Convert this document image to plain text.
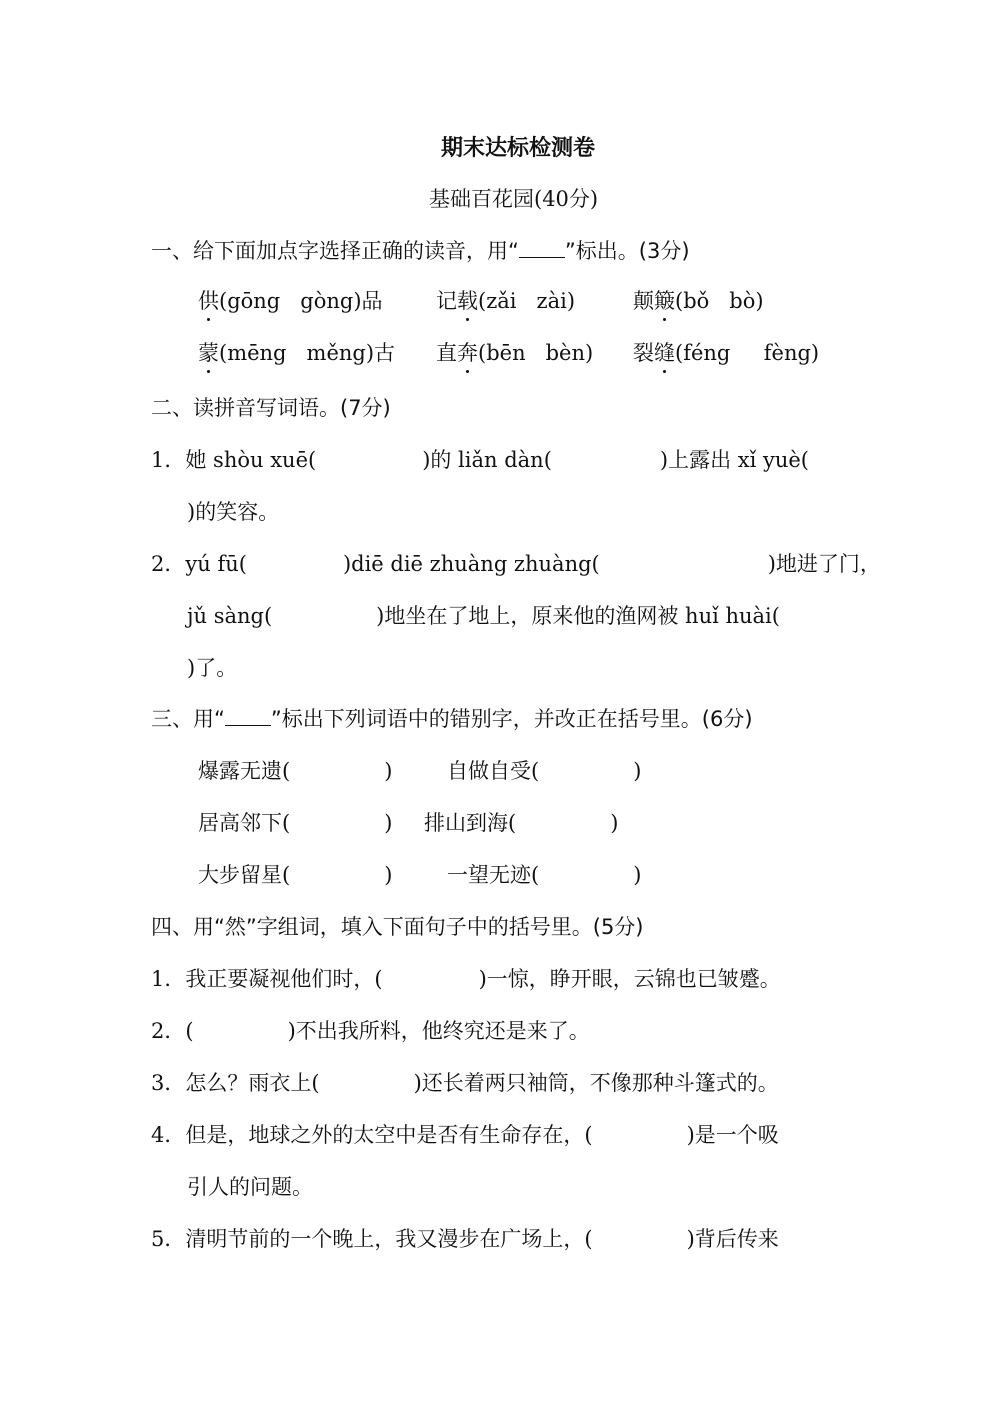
期末达标检测卷
基础百花园(40分)
一、给下面加点字选择正确的读音，用“ ”标出。(3分)
供(gōng   gòng)品	记载(zǎi   zài)	颠簸(bǒ   bò)
蒙(mēng   měng)古 直奔(bēn   bèn) 裂缝(féng     fèng)
二、读拼音写词语。(7分)
1．她 shòu xuē(	)的 liǎn dàn(	)上露出 xǐ yuè(
)的笑容。
2．yú fū(	)diē diē zhuàng zhuàng(	)地进了门，
jǔ sàng(	)地坐在了地上，原来他的渔网被 huǐ huài(
)了。
三、用“ ”标出下列词语中的错别字，并改正在括号里。(6分)
爆露无遗(	)	自做自受(	)
居高邻下(	) 排山到海(	)
大步留星(	)	一望无迹(	)
四、用“然”字组词，填入下面句子中的括号里。(5分)
1．我正要凝视他们时，(	)一惊，睁开眼，云锦也已皱蹙。
2．(	)不出我所料，他终究还是来了。
3．怎么？雨衣上(	)还长着两只袖筒，不像那种斗篷式的。
4．但是，地球之外的太空中是否有生命存在，(	)是一个吸
引人的问题。
5．清明节前的一个晚上，我又漫步在广场上，(	)背后传来
